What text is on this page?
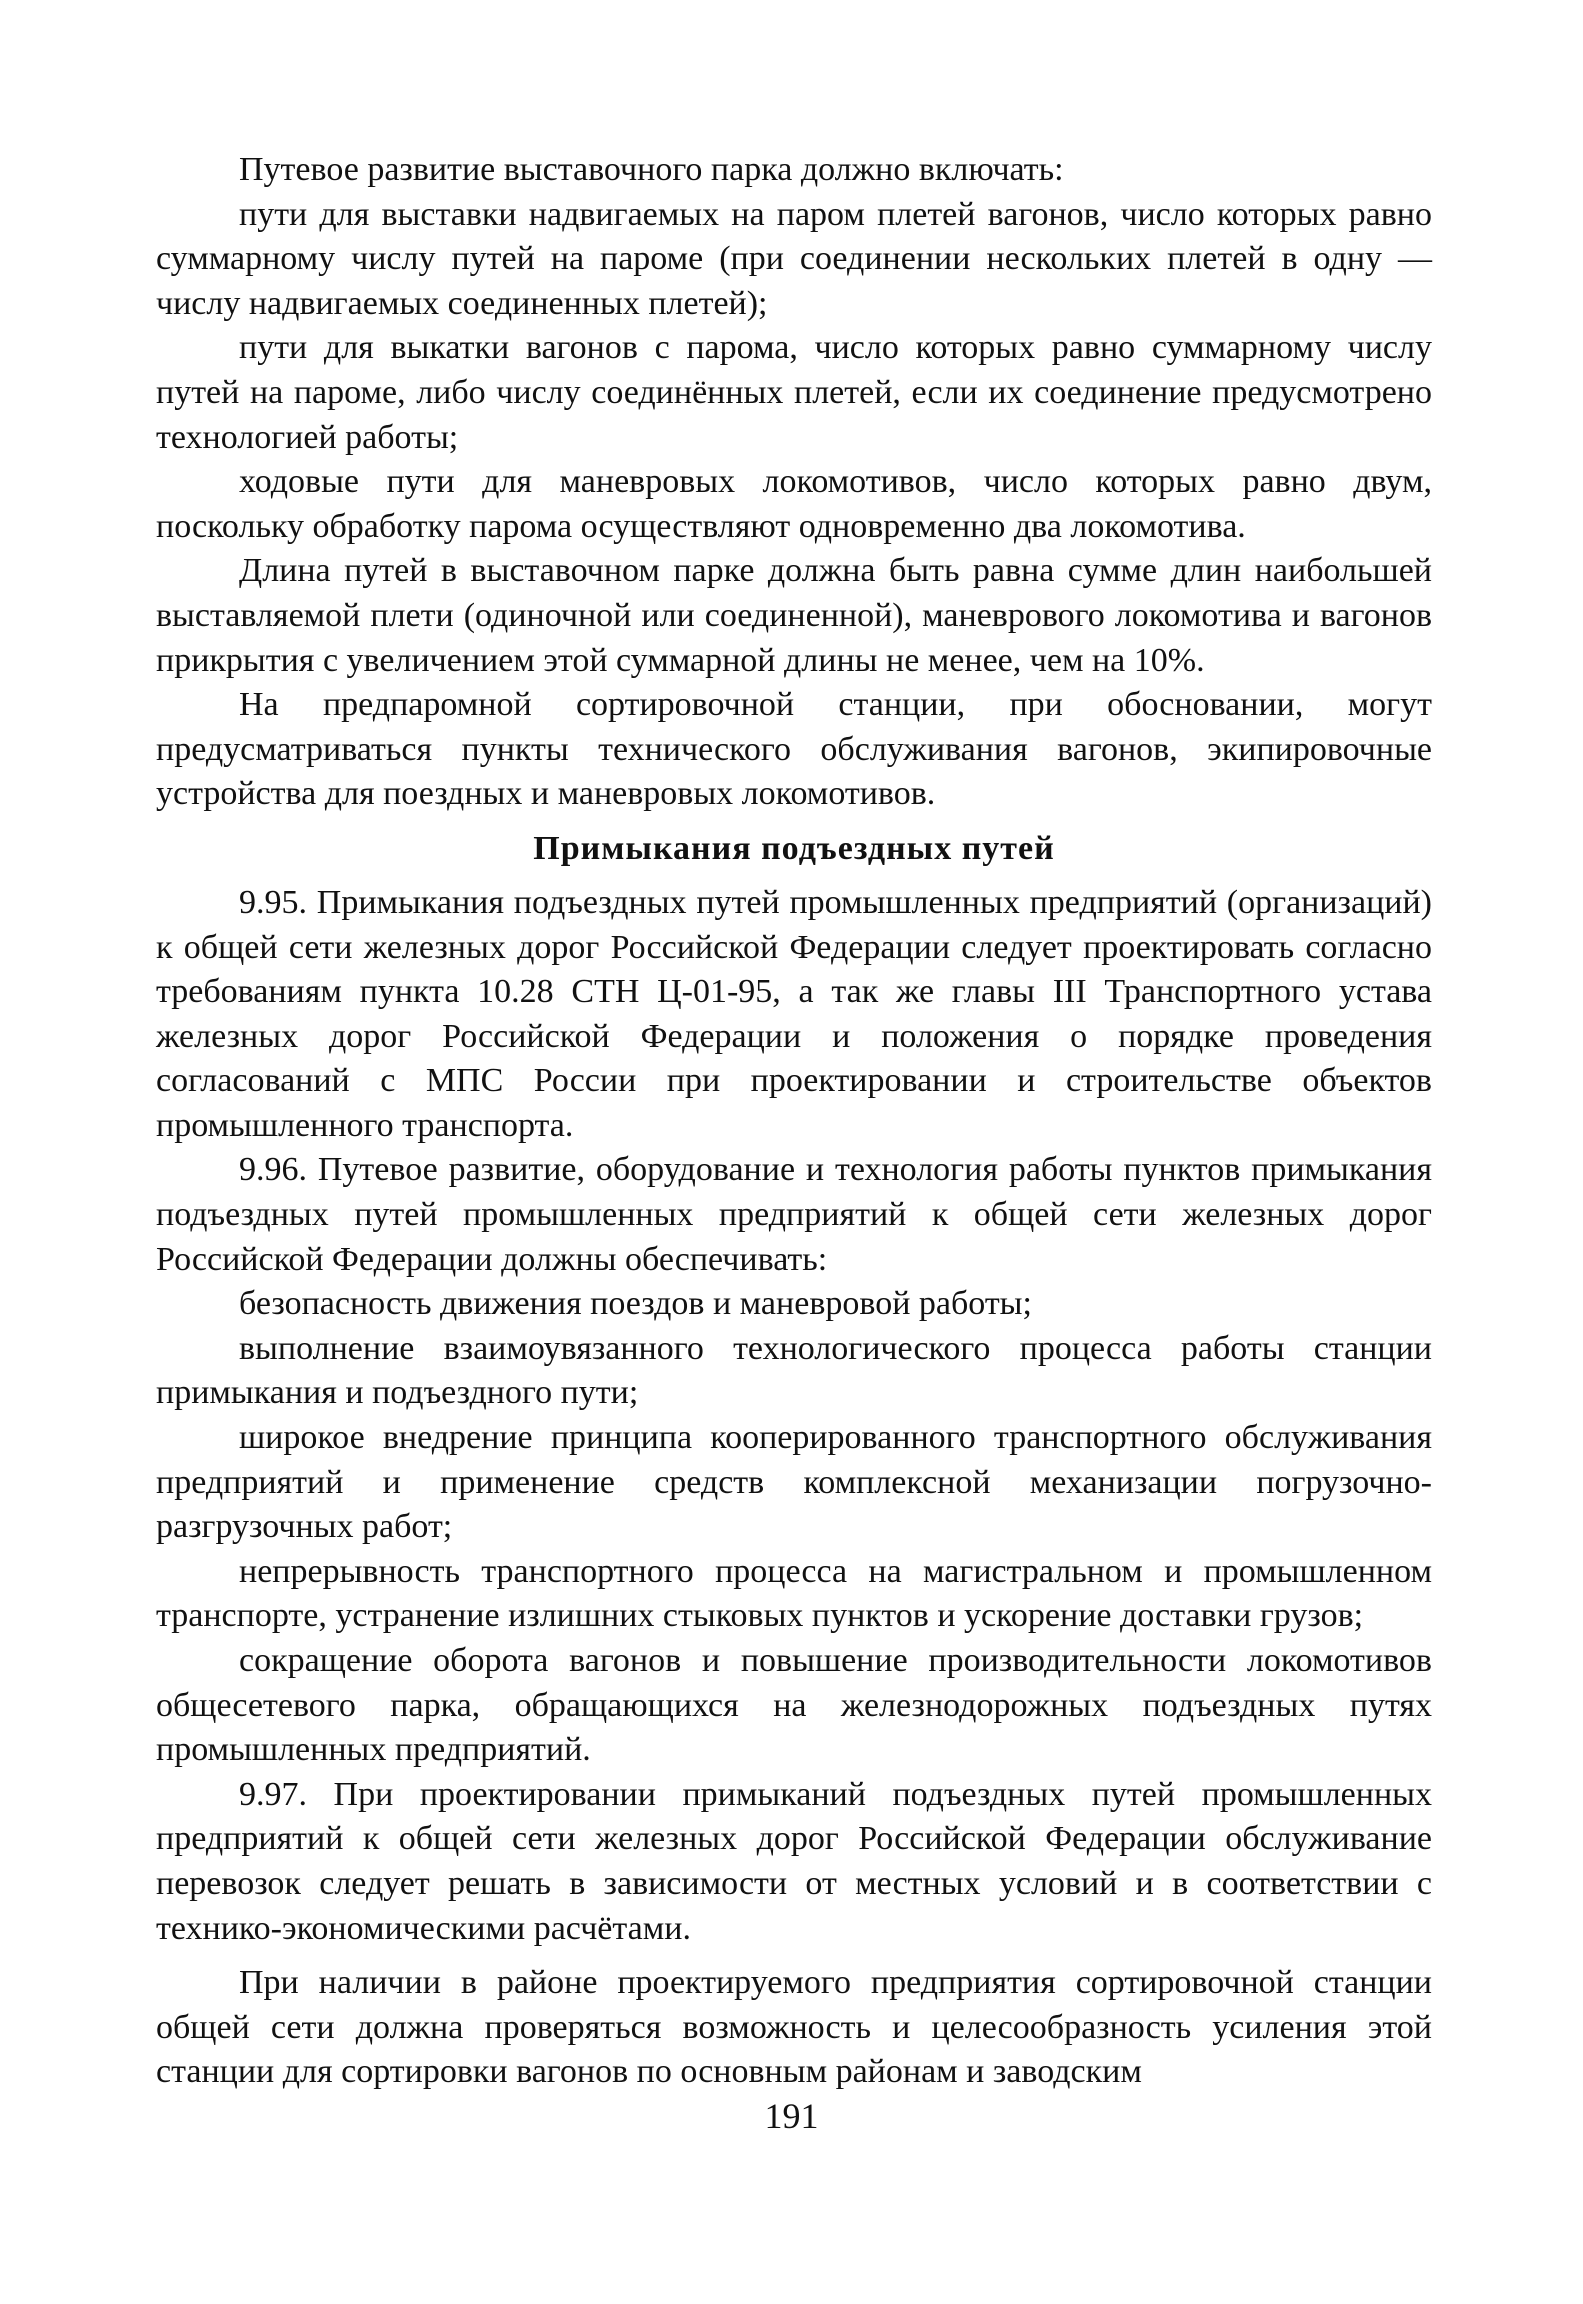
Путевое развитие выставочного парка должно включать:

пути для выставки надвигаемых на паром плетей вагонов, число которых равно суммарному числу путей на пароме (при соединении нескольких плетей в одну — числу надвигаемых соединенных плетей);

пути для выкатки вагонов с парома, число которых равно суммарному числу путей на пароме, либо числу соединённых плетей, если их соединение предусмотрено технологией работы;

ходовые пути для маневровых локомотивов, число которых равно двум, поскольку обработку парома осуществляют одновременно два локомотива.

Длина путей в выставочном парке должна быть равна сумме длин наибольшей выставляемой плети (одиночной или соединенной), маневрового локомотива и вагонов прикрытия с увеличением этой суммарной длины не менее, чем на 10%.

На предпаромной сортировочной станции, при обосновании, могут предусматриваться пункты технического обслуживания вагонов, экипировочные устройства для поездных и маневровых локомотивов.

Примыкания подъездных путей

9.95. Примыкания подъездных путей промышленных предприятий (организаций) к общей сети железных дорог Российской Федерации следует проектировать согласно требованиям пункта 10.28 СТН Ц-01-95, а так же главы III Транспортного устава железных дорог Российской Федерации и положения о порядке проведения согласований с МПС России при проектировании и строительстве объектов промышленного транспорта.

9.96. Путевое развитие, оборудование и технология работы пунктов примыкания подъездных путей промышленных предприятий к общей сети железных дорог Российской Федерации должны обеспечивать:

безопасность движения поездов и маневровой работы;

выполнение взаимоувязанного технологического процесса работы станции примыкания и подъездного пути;

широкое внедрение принципа кооперированного транспортного обслуживания предприятий и применение средств комплексной механизации погрузочно-разгрузочных работ;

непрерывность транспортного процесса на магистральном и промышленном транспорте, устранение излишних стыковых пунктов и ускорение доставки грузов;

сокращение оборота вагонов и повышение производительности локомотивов общесетевого парка, обращающихся на железнодорожных подъездных путях промышленных предприятий.

9.97. При проектировании примыканий подъездных путей промышленных предприятий к общей сети железных дорог Российской Федерации обслуживание перевозок следует решать в зависимости от местных условий и в соответствии с технико-экономическими расчётами.

При наличии в районе проектируемого предприятия сортировочной станции общей сети должна проверяться возможность и целесообразность усиления этой станции для сортировки вагонов по основным районам и заводским

191
